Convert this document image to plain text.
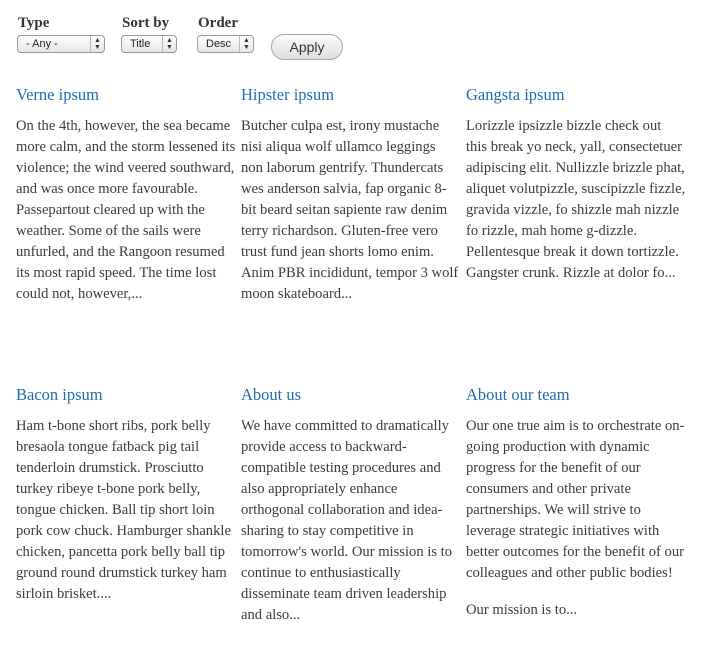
Type
- Any -	▲
▼
Sort by
Title	▲
▼
Order
Desc	▲
▼	Apply
Verne ipsum

On the 4th, however, the sea became more calm, and the storm lessened its violence; the wind veered southward, and was once more favourable. Passepartout cleared up with the weather. Some of the sails were unfurled, and the Rangoon resumed its most rapid speed. The time lost could not, however,...

Hipster ipsum

Butcher culpa est, irony mustache nisi aliqua wolf ullamco leggings non laborum gentrify. Thundercats wes anderson salvia, fap organic 8-bit beard seitan sapiente raw denim terry richardson. Gluten-free vero trust fund jean shorts lomo enim. Anim PBR incididunt, tempor 3 wolf moon skateboard...

Gangsta ipsum

Lorizzle ipsizzle bizzle check out this break yo neck, yall, consectetuer adipiscing elit. Nullizzle brizzle phat, aliquet volutpizzle, suscipizzle fizzle, gravida vizzle, fo shizzle mah nizzle fo rizzle, mah home g-dizzle. Pellentesque break it down tortizzle. Gangster crunk. Rizzle at dolor fo...

Bacon ipsum

Ham t-bone short ribs, pork belly bresaola tongue fatback pig tail tenderloin drumstick. Prosciutto turkey ribeye t-bone pork belly, tongue chicken. Ball tip short loin pork cow chuck. Hamburger shankle chicken, pancetta pork belly ball tip ground round drumstick turkey ham sirloin brisket....

About us

We have committed to dramatically provide access to backward-compatible testing procedures and also appropriately enhance orthogonal collaboration and idea-sharing to stay competitive in tomorrow's world. Our mission is to continue to enthusiastically disseminate team driven leadership and also...

About our team

Our one true aim is to orchestrate on-going production with dynamic progress for the benefit of our consumers and other private partnerships. We will strive to leverage strategic initiatives with better outcomes for the benefit of our colleagues and other public bodies!

Our mission is to...
